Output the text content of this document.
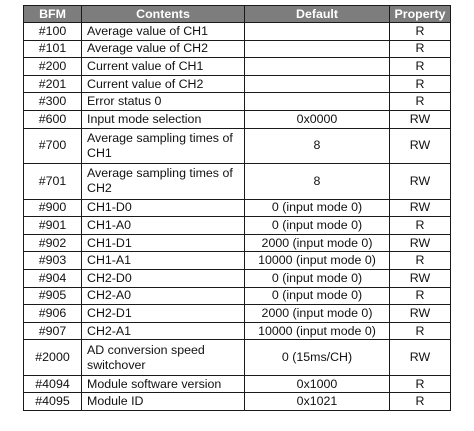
BFM	Contents	Default	Property
#100	Average value of CH1		R
#101	Average value of CH2		R
#200	Current value of CH1		R
#201	Current value of CH2		R
#300	Error status 0		R
#600	Input mode selection	0x0000	RW
#700	Average sampling times of CH1	8	RW
#701	Average sampling times of CH2	8	RW
#900	CH1-D0	0 (input mode 0)	RW
#901	CH1-A0	0 (input mode 0)	R
#902	CH1-D1	2000 (input mode 0)	RW
#903	CH1-A1	10000 (input mode 0)	R
#904	CH2-D0	0 (input mode 0)	RW
#905	CH2-A0	0 (input mode 0)	R
#906	CH2-D1	2000 (input mode 0)	RW
#907	CH2-A1	10000 (input mode 0)	R
#2000	AD conversion speed switchover	0 (15ms/CH)	RW
#4094	Module software version	0x1000	R
#4095	Module ID	0x1021	R
